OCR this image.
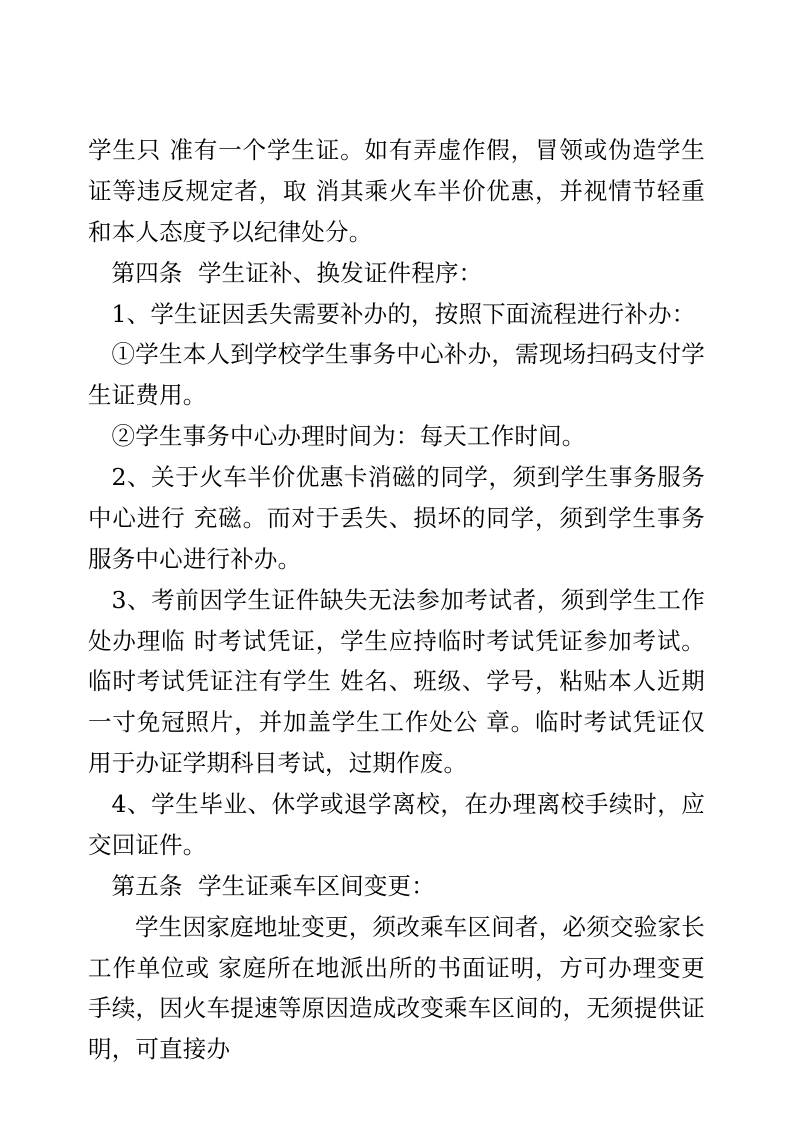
学生只 准有一个学生证。如有弄虚作假，冒领或伪造学生证等违反规定者，取 消其乘火车半价优惠，并视情节轻重和本人态度予以纪律处分。

第四条  学生证补、换发证件程序：

1、学生证因丢失需要补办的，按照下面流程进行补办：

①学生本人到学校学生事务中心补办，需现场扫码支付学生证费用。

②学生事务中心办理时间为：每天工作时间。

2、关于火车半价优惠卡消磁的同学，须到学生事务服务中心进行 充磁。而对于丢失、损坏的同学，须到学生事务服务中心进行补办。

3、考前因学生证件缺失无法参加考试者，须到学生工作处办理临 时考试凭证，学生应持临时考试凭证参加考试。临时考试凭证注有学生 姓名、班级、学号，粘贴本人近期一寸免冠照片，并加盖学生工作处公 章。临时考试凭证仅用于办证学期科目考试，过期作废。

4、学生毕业、休学或退学离校，在办理离校手续时，应交回证件。

第五条  学生证乘车区间变更：

学生因家庭地址变更，须改乘车区间者，必须交验家长工作单位或 家庭所在地派出所的书面证明，方可办理变更手续，因火车提速等原因造成改变乘车区间的，无须提供证明，可直接办
